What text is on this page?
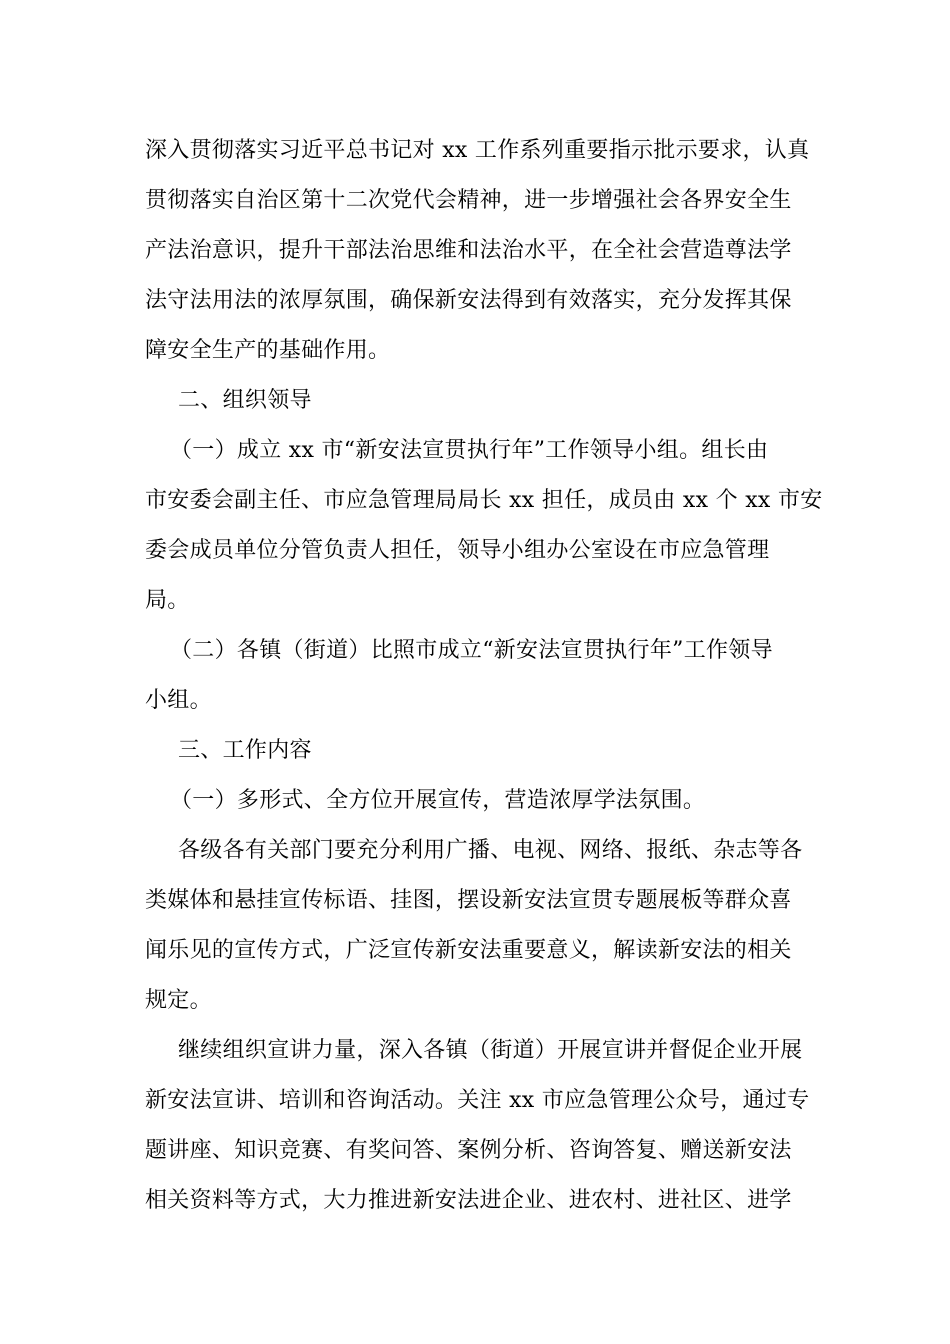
深入贯彻落实习近平总书记对 xx 工作系列重要指示批示要求，认真
贯彻落实自治区第十二次党代会精神，进一步增强社会各界安全生
产法治意识，提升干部法治思维和法治水平，在全社会营造尊法学
法守法用法的浓厚氛围，确保新安法得到有效落实，充分发挥其保
障安全生产的基础作用。
二、组织领导
（一）成立 xx 市“新安法宣贯执行年”工作领导小组。组长由
市安委会副主任、市应急管理局局长 xx 担任，成员由 xx 个 xx 市安
委会成员单位分管负责人担任，领导小组办公室设在市应急管理
局。
（二）各镇（街道）比照市成立“新安法宣贯执行年”工作领导
小组。
三、工作内容
（一）多形式、全方位开展宣传，营造浓厚学法氛围。
各级各有关部门要充分利用广播、电视、网络、报纸、杂志等各
类媒体和悬挂宣传标语、挂图，摆设新安法宣贯专题展板等群众喜
闻乐见的宣传方式，广泛宣传新安法重要意义，解读新安法的相关
规定。
继续组织宣讲力量，深入各镇（街道）开展宣讲并督促企业开展
新安法宣讲、培训和咨询活动。关注 xx 市应急管理公众号，通过专
题讲座、知识竞赛、有奖问答、案例分析、咨询答复、赠送新安法
相关资料等方式，大力推进新安法进企业、进农村、进社区、进学
